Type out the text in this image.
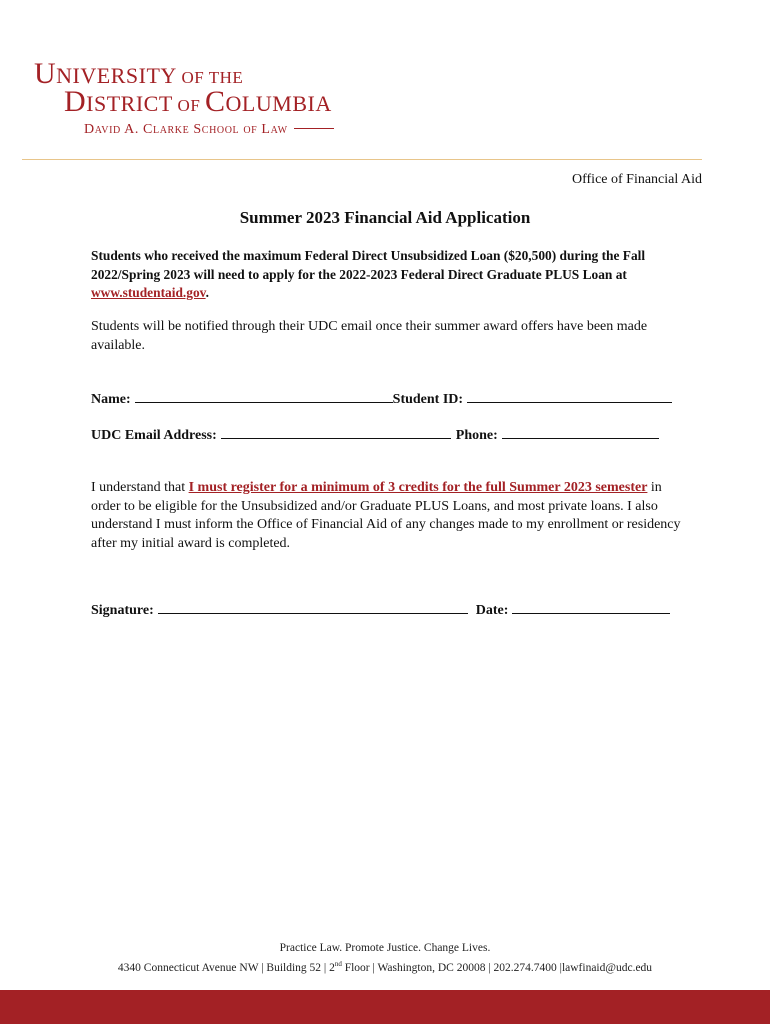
UNIVERSITY OF THE
DISTRICT OF COLUMBIA
David A. Clarke School of Law
Office of Financial Aid
Summer 2023 Financial Aid Application
Students who received the maximum Federal Direct Unsubsidized Loan ($20,500) during the Fall 2022/Spring 2023 will need to apply for the 2022-2023 Federal Direct Graduate PLUS Loan at www.studentaid.gov.
Students will be notified through their UDC email once their summer award offers have been made available.
Name:	Student ID:
UDC Email Address:	Phone:
I understand that I must register for a minimum of 3 credits for the full Summer 2023 semester in order to be eligible for the Unsubsidized and/or Graduate PLUS Loans, and most private loans. I also understand I must inform the Office of Financial Aid of any changes made to my enrollment or residency after my initial award is completed.
Signature:	Date:
Practice Law. Promote Justice. Change Lives.
4340 Connecticut Avenue NW | Building 52 | 2nd Floor | Washington, DC 20008 | 202.274.7400 |lawfinaid@udc.edu
